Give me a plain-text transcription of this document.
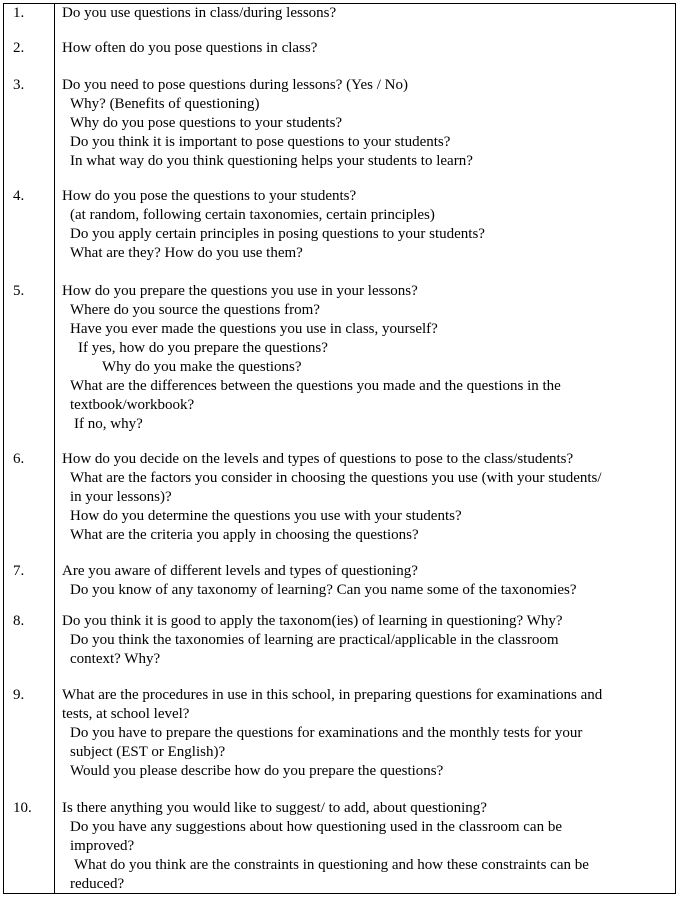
1.	Do you use questions in class/during lessons?
2.	How often do you pose questions in class?
3.	Do you need to pose questions during lessons? (Yes / No)
Why? (Benefits of questioning)
Why do you pose questions to your students?
Do you think it is important to pose questions to your students?
In what way do you think questioning helps your students to learn?
4.	How do you pose the questions to your students?
(at random, following certain taxonomies, certain principles)
Do you apply certain principles in posing questions to your students?
What are they? How do you use them?
5.	How do you prepare the questions you use in your lessons?
Where do you source the questions from?
Have you ever made the questions you use in class, yourself?
If yes, how do you prepare the questions?
Why do you make the questions?
What are the differences between the questions you made and the questions in the
textbook/workbook?
If no, why?
6.	How do you decide on the levels and types of questions to pose to the class/students?
What are the factors you consider in choosing the questions you use (with your students/
in your lessons)?
How do you determine the questions you use with your students?
What are the criteria you apply in choosing the questions?
7.	Are you aware of different levels and types of questioning?
Do you know of any taxonomy of learning? Can you name some of the taxonomies?
8.	Do you think it is good to apply the taxonom(ies) of learning in questioning? Why?
Do you think the taxonomies of learning are practical/applicable in the classroom
context? Why?
9.	What are the procedures in use in this school, in preparing questions for examinations and
tests, at school level?
Do you have to prepare the questions for examinations and the monthly tests for your
subject (EST or English)?
Would you please describe how do you prepare the questions?
10. Is there anything you would like to suggest/ to add, about questioning?
Do you have any suggestions about how questioning used in the classroom can be
improved?
What do you think are the constraints in questioning and how these constraints can be
reduced?
